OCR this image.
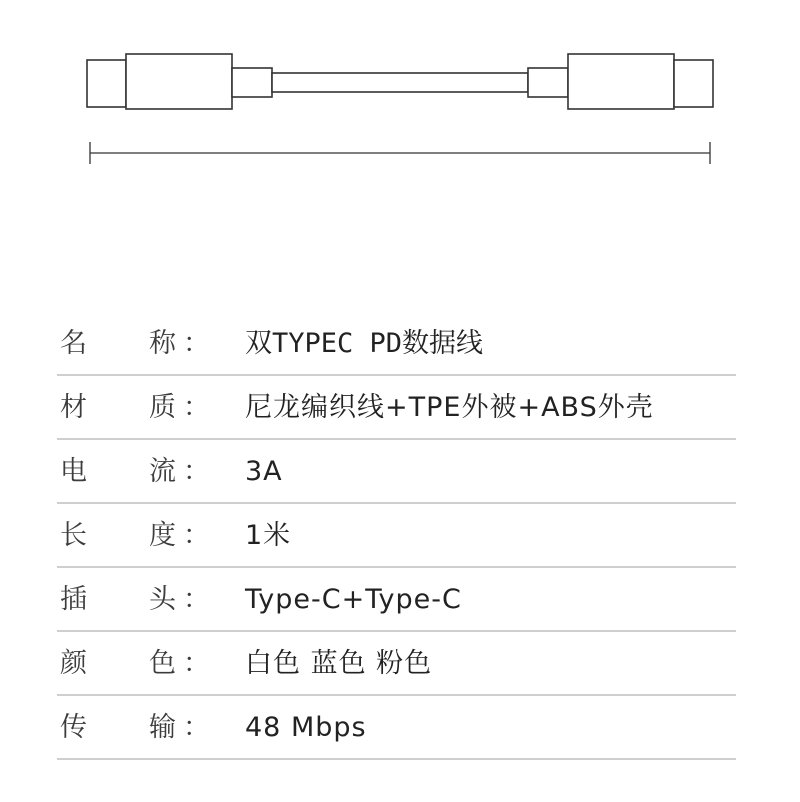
名 称 ： 双TYPEC PD数据线
材 质 ： 尼龙编织线+TPE外被+ABS外壳
电 流 ： 3A
长 度 ： 1米
插 头 ： Type-C+Type-C
颜 色 ： 白色 蓝色 粉色
传 输 ： 48 Mbps
